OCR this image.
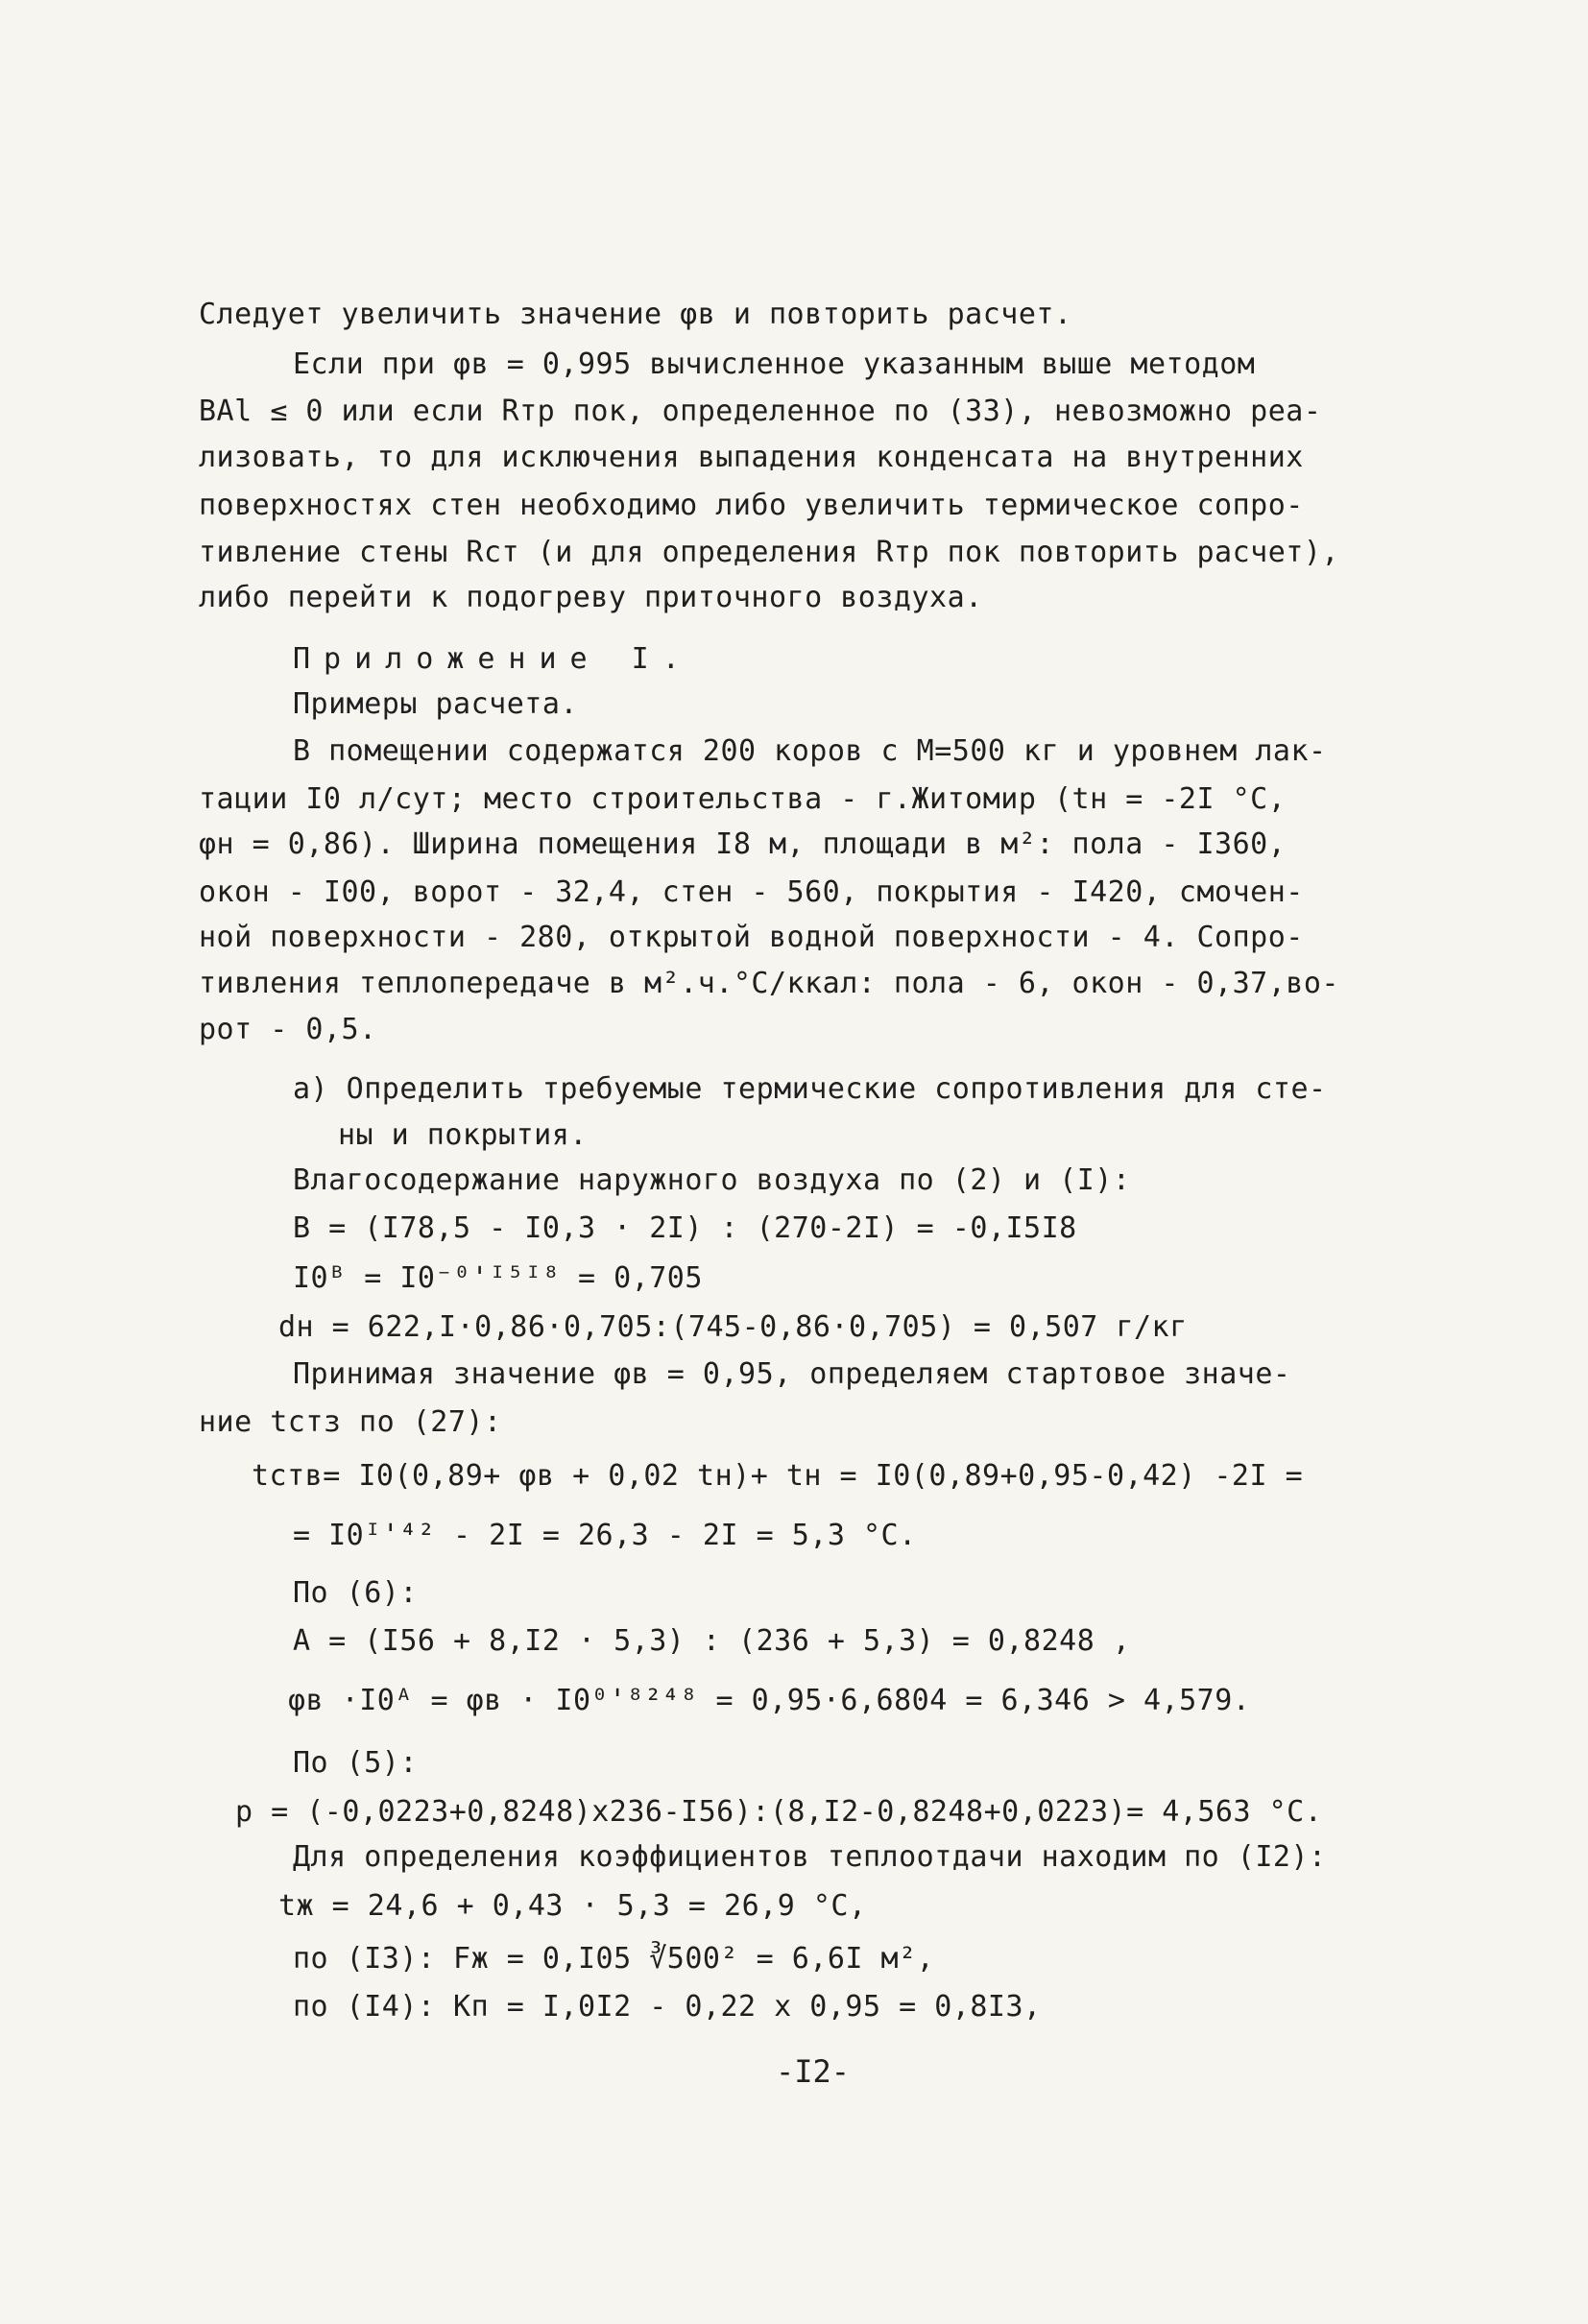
Следует увеличить значение φв и повторить расчет.
Если при φв = 0,995 вычисленное указанным выше методом
BAl ≤ 0 или если Rтр пок, определенное по (33), невозможно реа-
лизовать, то для исключения выпадения конденсата на внутренних
поверхностях стен необходимо либо увеличить термическое сопро-
тивление стены Rст (и для определения Rтр пок повторить расчет),
либо перейти к подогреву приточного воздуха.
Приложение I.
Примеры расчета.
В помещении содержатся 200 коров с М=500 кг и уровнем лак-
тации I0 л/сут; место строительства - г.Житомир (tн = -2I °С,
φн = 0,86). Ширина помещения I8 м, площади в м²: пола - I360,
окон - I00, ворот - 32,4, стен - 560, покрытия - I420, смочен-
ной поверхности - 280, открытой водной поверхности - 4. Сопро-
тивления теплопередаче в м².ч.°С/ккал: пола - 6, окон - 0,37,во-
рот - 0,5.
а) Определить требуемые термические сопротивления для сте-
ны и покрытия.
Влагосодержание наружного воздуха по (2) и (I):
B = (I78,5 - I0,3 · 2I) : (270-2I) = -0,I5I8
I0ᴮ = I0⁻⁰'ᴵ⁵ᴵ⁸ = 0,705
dн = 622,I·0,86·0,705:(745-0,86·0,705) = 0,507 г/кг
Принимая значение φв = 0,95, определяем стартовое значе-
ние tстз по (27):
tств= I0(0,89+ φв + 0,02 tн)+ tн = I0(0,89+0,95-0,42) -2I =
= I0ᴵ'⁴² - 2I = 26,3 - 2I = 5,3 °С.
По (6):
A = (I56 + 8,I2 · 5,3) : (236 + 5,3) = 0,8248 ,
φв ·I0ᴬ = φв · I0⁰'⁸²⁴⁸ = 0,95·6,6804 = 6,346 > 4,579.
По (5):
p = (-0,0223+0,8248)x236-I56):(8,I2-0,8248+0,0223)= 4,563 °С.
Для определения коэффициентов теплоотдачи находим по (I2):
tж = 24,6 + 0,43 · 5,3 = 26,9 °С,
по (I3): Fж = 0,I05 ∛500² = 6,6I м²,
по (I4): Kп = I,0I2 - 0,22 x 0,95 = 0,8I3,
-I2-
